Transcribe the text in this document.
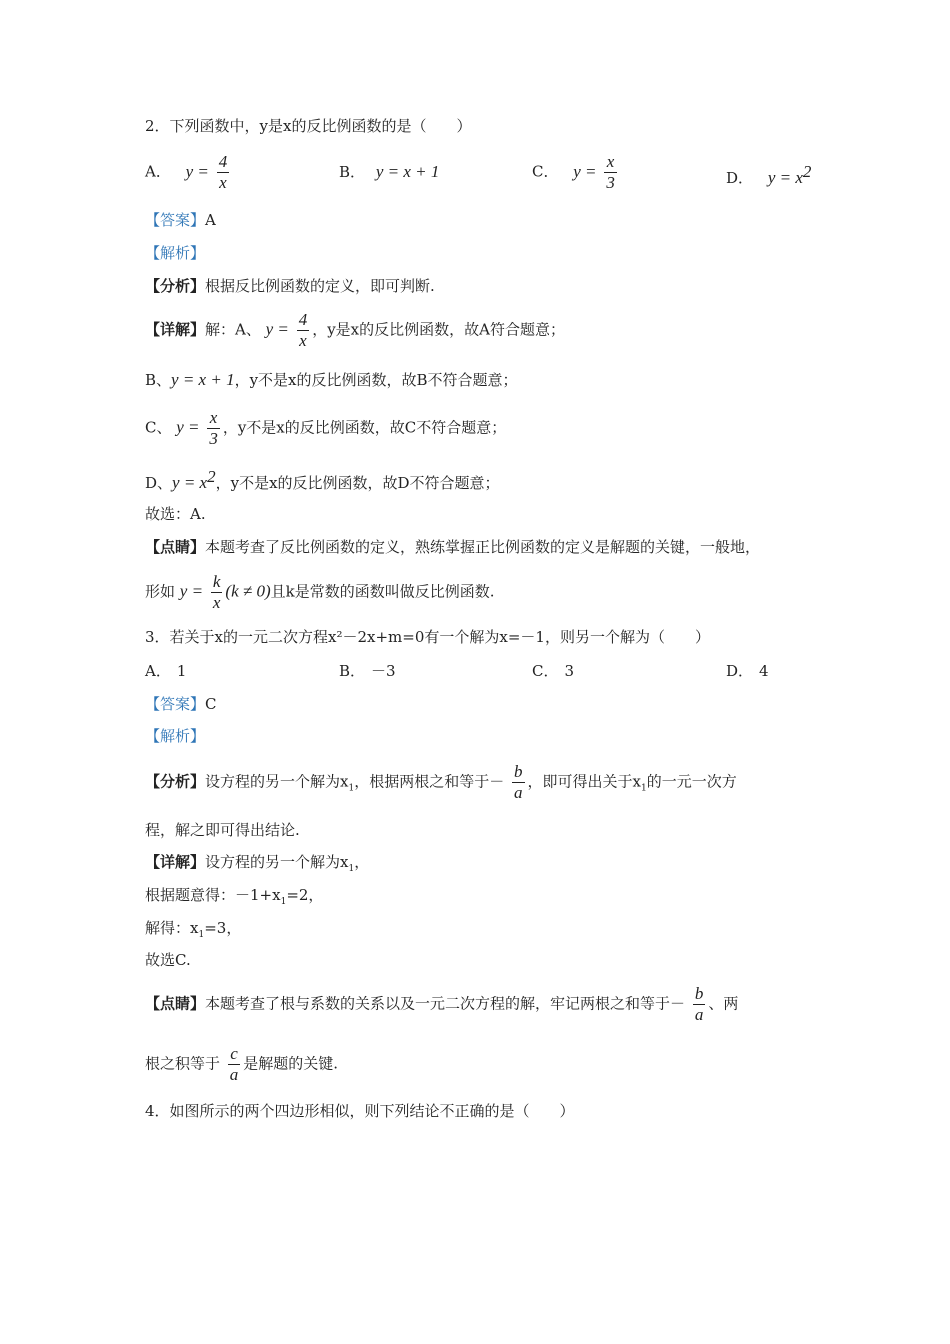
2．下列函数中，y是x的反比例函数的是（　　）
A． $y = \frac{4}{x}$	B． y = x + 1	C． $y = \frac{x}{3}$	D． $y = x^2$
【答案】A
【解析】
【分析】根据反比例函数的定义，即可判断.
【详解】解：A、 $y = \frac{4}{x}$ ，y是x的反比例函数，故A符合题意；
B、y = x + 1，y不是x的反比例函数，故B不符合题意；
C、 $y = \frac{x}{3}$ ，y不是x的反比例函数，故C不符合题意；
D、$y = x^2$，y不是x的反比例函数，故D不符合题意；
故选：A.
【点睛】本题考查了反比例函数的定义，熟练掌握正比例函数的定义是解题的关键，一般地，
形如 $y = \frac{k}{x} (k \ne 0)$且k是常数的函数叫做反比例函数.
3．若关于x的一元二次方程x²－2x+m=0有一个解为x=－1，则另一个解为（　　）
A． 1	B． －3	C． 3	D． 4
【答案】C
【解析】
【分析】设方程的另一个解为$x_1$，根据两根之和等于－ $\frac{b}{a}$ ，即可得出关于$x_1$的一元一次方
程，解之即可得出结论.
【详解】设方程的另一个解为$x_1$，
根据题意得：$-1+x_1=2$，
解得：$x_1=3$，
故选C.
【点睛】本题考查了根与系数的关系以及一元二次方程的解，牢记两根之和等于－ $\frac{b}{a}$ 、两
根之积等于 $\frac{c}{a}$ 是解题的关键.
4．如图所示的两个四边形相似，则下列结论不正确的是（　　）
